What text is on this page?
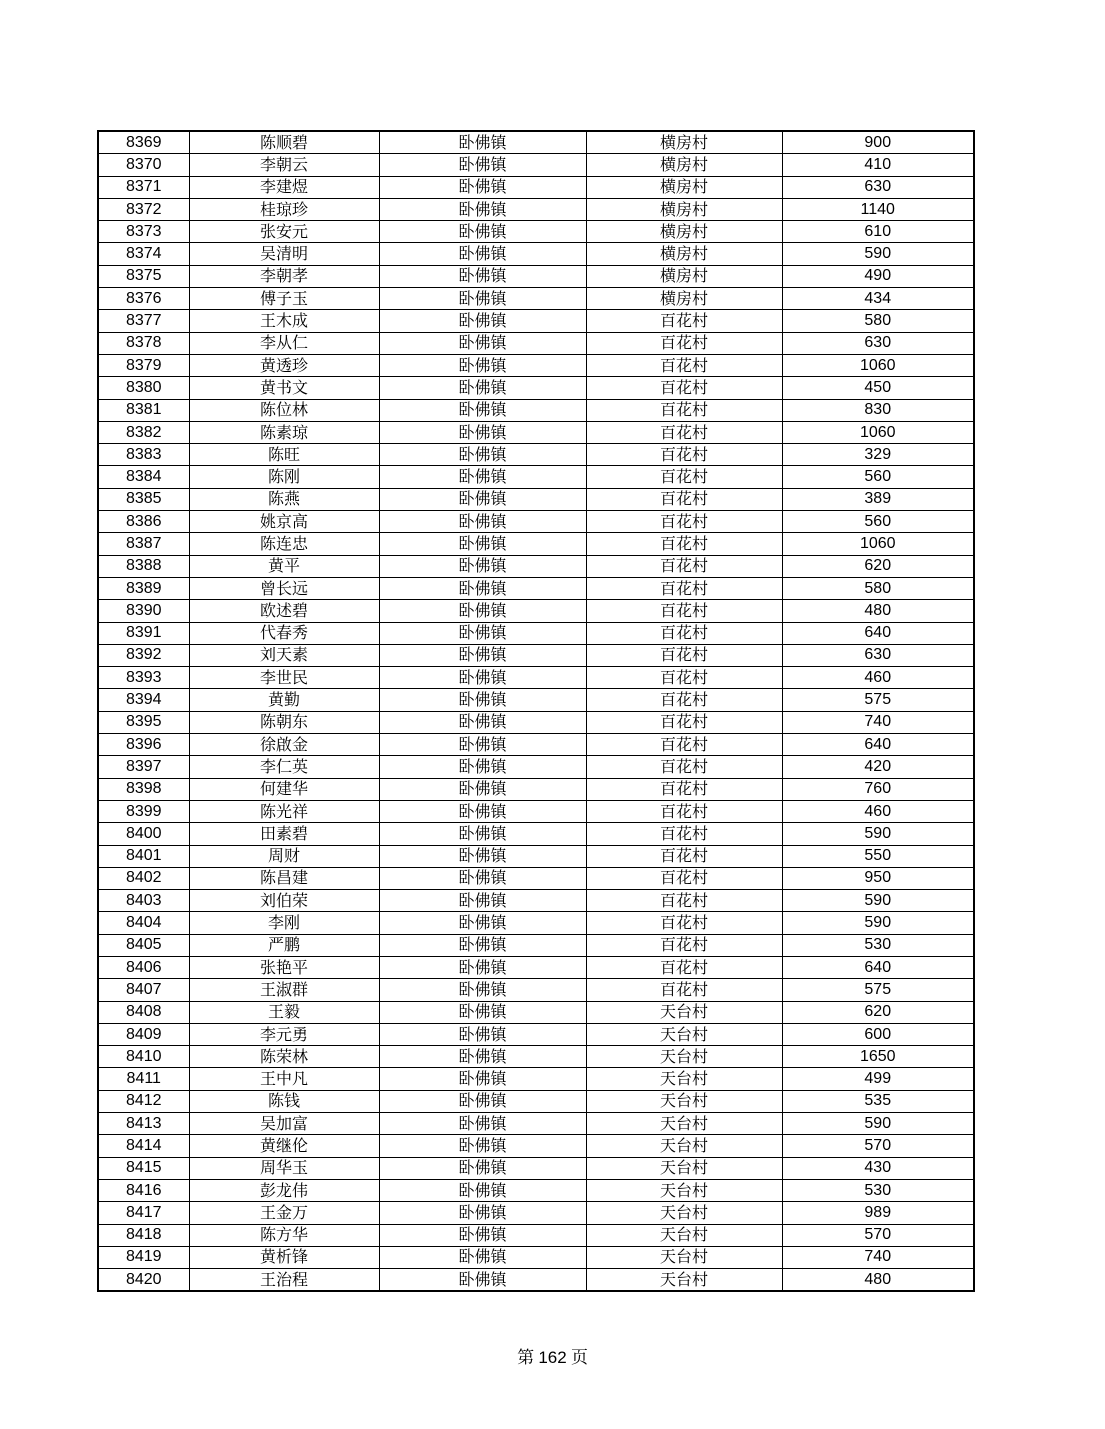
8369	陈顺碧	卧佛镇	横房村	900
8370	李朝云	卧佛镇	横房村	410
8371	李建煜	卧佛镇	横房村	630
8372	桂琼珍	卧佛镇	横房村	1140
8373	张安元	卧佛镇	横房村	610
8374	吴清明	卧佛镇	横房村	590
8375	李朝孝	卧佛镇	横房村	490
8376	傅子玉	卧佛镇	横房村	434
8377	王木成	卧佛镇	百花村	580
8378	李从仁	卧佛镇	百花村	630
8379	黄透珍	卧佛镇	百花村	1060
8380	黄书文	卧佛镇	百花村	450
8381	陈位林	卧佛镇	百花村	830
8382	陈素琼	卧佛镇	百花村	1060
8383	陈旺	卧佛镇	百花村	329
8384	陈刚	卧佛镇	百花村	560
8385	陈燕	卧佛镇	百花村	389
8386	姚京高	卧佛镇	百花村	560
8387	陈连忠	卧佛镇	百花村	1060
8388	黄平	卧佛镇	百花村	620
8389	曾长远	卧佛镇	百花村	580
8390	欧述碧	卧佛镇	百花村	480
8391	代春秀	卧佛镇	百花村	640
8392	刘天素	卧佛镇	百花村	630
8393	李世民	卧佛镇	百花村	460
8394	黄勤	卧佛镇	百花村	575
8395	陈朝东	卧佛镇	百花村	740
8396	徐啟金	卧佛镇	百花村	640
8397	李仁英	卧佛镇	百花村	420
8398	何建华	卧佛镇	百花村	760
8399	陈光祥	卧佛镇	百花村	460
8400	田素碧	卧佛镇	百花村	590
8401	周财	卧佛镇	百花村	550
8402	陈昌建	卧佛镇	百花村	950
8403	刘伯荣	卧佛镇	百花村	590
8404	李刚	卧佛镇	百花村	590
8405	严鹏	卧佛镇	百花村	530
8406	张艳平	卧佛镇	百花村	640
8407	王淑群	卧佛镇	百花村	575
8408	王毅	卧佛镇	天台村	620
8409	李元勇	卧佛镇	天台村	600
8410	陈荣林	卧佛镇	天台村	1650
8411	王中凡	卧佛镇	天台村	499
8412	陈钱	卧佛镇	天台村	535
8413	吴加富	卧佛镇	天台村	590
8414	黄继伦	卧佛镇	天台村	570
8415	周华玉	卧佛镇	天台村	430
8416	彭龙伟	卧佛镇	天台村	530
8417	王金万	卧佛镇	天台村	989
8418	陈方华	卧佛镇	天台村	570
8419	黄析锋	卧佛镇	天台村	740
8420	王治程	卧佛镇	天台村	480
第 162 页
